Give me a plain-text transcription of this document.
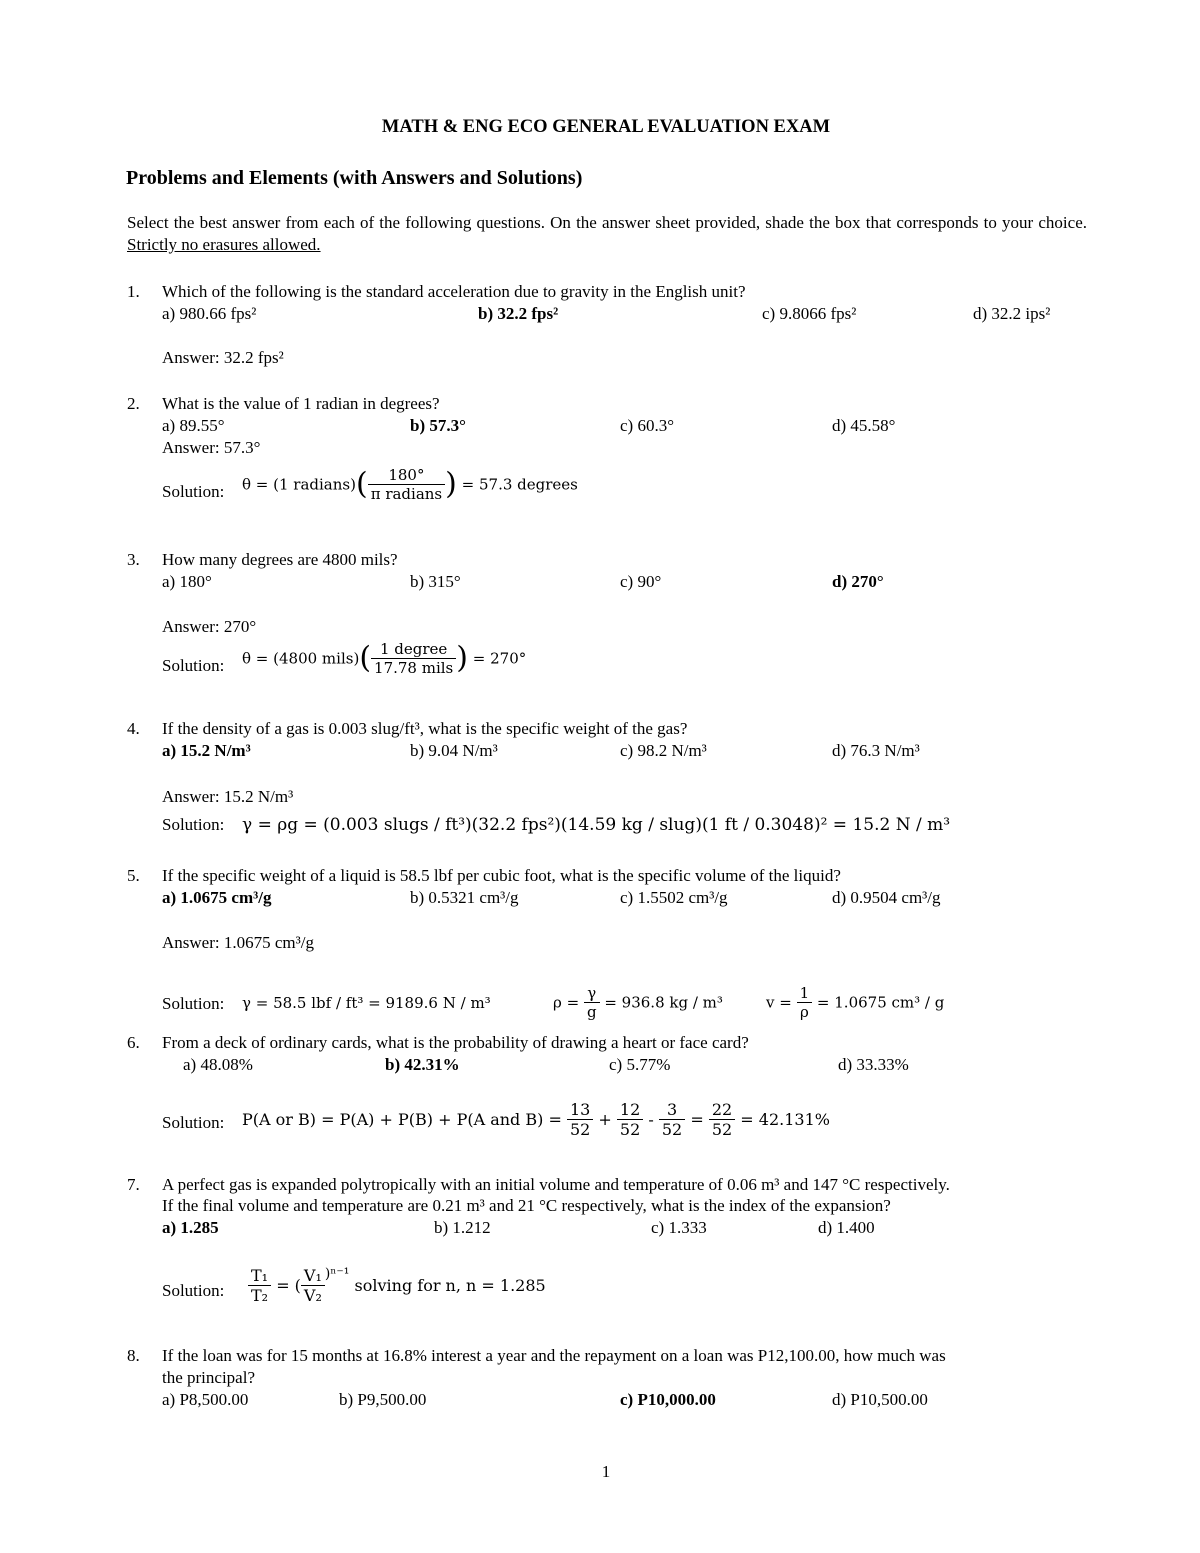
MATH & ENG ECO GENERAL EVALUATION EXAM
Problems and Elements (with Answers and Solutions)
Select the best answer from each of the following questions. On the answer sheet provided, shade the box that corresponds to your choice. Strictly no erasures allowed.
1. Which of the following is the standard acceleration due to gravity in the English unit?
a) 980.66 fps²	b) 32.2 fps²	c) 9.8066 fps²	d) 32.2 ips²
Answer: 32.2 fps²
2. What is the value of 1 radian in degrees?
a) 89.55°	b) 57.3°	c) 60.3°	d) 45.58°
Answer: 57.3°
Solution: θ = (1 radians)( $\frac{180^\circ}{\text{π radians}}$ ) = 57.3 degrees
3. How many degrees are 4800 mils?
a) 180°	b) 315°	c) 90°	d) 270°
Answer: 270°
Solution: θ = (4800 mils)( $\frac{\text{1 degree}}{\text{17.78 mils}}$ ) = 270°
4. If the density of a gas is 0.003 slug/ft³, what is the specific weight of the gas?
a) 15.2 N/m³	b) 9.04 N/m³	c) 98.2 N/m³	d) 76.3 N/m³
Answer: 15.2 N/m³
Solution: γ = ρg = (0.003 slugs / ft³)(32.2 fps²)(14.59 kg / slug)(1 ft / 0.3048)² = 15.2 N / m³
5. If the specific weight of a liquid is 58.5 lbf per cubic foot, what is the specific volume of the liquid?
a) 1.0675 cm³/g	b) 0.5321 cm³/g	c) 1.5502 cm³/g	d) 0.9504 cm³/g
Answer: 1.0675 cm³/g
Solution: γ = 58.5 lbf / ft³ = 9189.6 N / m³	$\rho = \frac{\gamma}{g} = 936.8$ kg / m³	$v = \frac{1}{\rho} = 1.0675$ cm³ / g
6. From a deck of ordinary cards, what is the probability of drawing a heart or face card?
a) 48.08%	b) 42.31%	c) 5.77%	d) 33.33%
Solution: P(A or B) = P(A) + P(B) + P(A and $B) = \frac{13}{52} + \frac{12}{52} - \frac{3}{52} = \frac{22}{52} = 42.131\%$
7. A perfect gas is expanded polytropically with an initial volume and temperature of 0.06 m³ and 147 °C respectively.
If the final volume and temperature are 0.21 m³ and 21 °C respectively, what is the index of the expansion?
a) 1.285	b) 1.212	c) 1.333	d) 1.400
Solution: $\frac{\text{T₁}}{\text{T₂}}$ = ( $\frac{\text{V₁}}{\text{V₂}} )^{n-1}$ solving for n, n = 1.285
8. If the loan was for 15 months at 16.8% interest a year and the repayment on a loan was P12,100.00, how much was
the principal?
a) P8,500.00	b) P9,500.00	c) P10,000.00	d) P10,500.00
1
